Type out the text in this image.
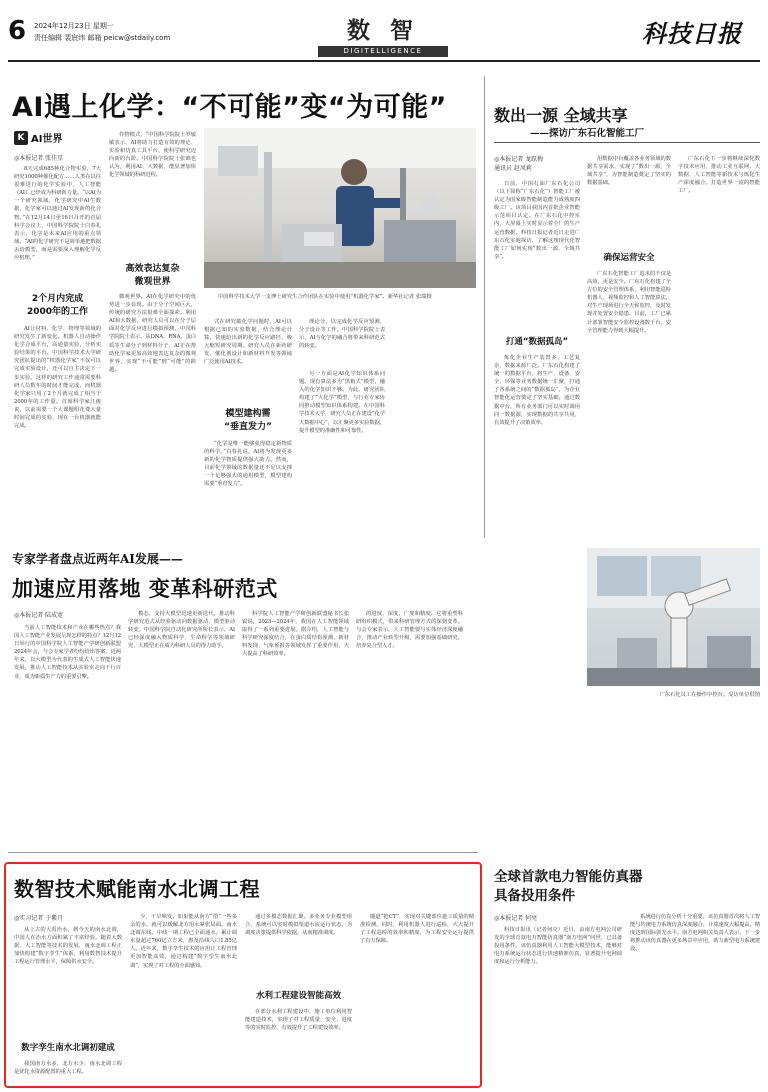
6 2024年12月23日 星期一
责任编辑 裴宸纬 邮箱 peicw@stdaily.com	数 智
DIGITELLIGENCE
科技日报
AI遇上化学：“不可能”变“为可能”
K AI世界
◎本报记者 张佳星
8天完成685种化合物实验，7天研究1000种催化配方……人类在以往很难进行的化学实验中，人工智能（AI）已经成为科研新力量。“以AI为一个研究领域，化学研究中AI生数据，化学家可以通过AI发现新的化合物。”在12月14日至16日召开的首届科学会议上，中国科学院院士白春礼表示，化学是未来AI应用的重点领域。“AI的化学研究不是简单地把数据丢给模型，而是需要深入理解化学反应机理。”
2个月内完成
2000年的工作
AI让材料、化学、物理等领域的研究发生了新变化。机器人自动操作化学合成平台，高通量实验，分析实验结果的平台。中国科学技术大学研究团队提出的“机器化学家”不仅可以完成实验设计，还可以自主决定下一步实验。这样的研究工作通常需要科研人员数年的时间才能完成，而机器化学家只用了2个月就完成了相当于2000年的工作量。首席科学家江俊说，以前需要一个大课题组花费大量时间完成的实验，现在一台机器就能完成。
作物模式，“中国科学院院士罗敏敏表示，AI将助力打造有效的理论、实验和仿真工具平台，使科学研究迈向新的台阶。中国科学院院士张锦也认为，利用AI、大数据，能显著加快化学领域的科研进程。
高效表达复杂
微观世界
微观世界，AI在化学研究中的优势进一步显现。由于分子空间巨大，传统的研究方法很难全面探索。利用AI和大数据，研究人员可以在分子层面对化学反应进行模拟预测。中国科学院院士表示，从DNA、RNA、蛋白质等生命分子到材料分子，AI正在帮助化学家更加高效地表达复杂的微观世界，实现“不可能”到“可能”的跨越。
中国科学技术大学一支博士研究生合作团队在实验中使用“机器化学家”。新华社记者 张端摄
式在研究碳化学问题时，AI可以根据已知的实验数据，结合理论计算，快速给出新的化学反应路径，极大缩短研究周期。研究人员在新药研发、催化剂设计和新材料开发等领域广泛使用AI技术。
模型建构需
“垂直发力”
“化学是唯一能够获得稳定新物质的科学。”白春礼说。AI将为发现更多新的化学物质提供强大助力。然而，目前化学领域的数据量还不足以支撑一个足够强大的通用模型，模型建构需要“垂直发力”。
理论分，以完成化学反应预测、分子设计等工作。中国科学院院士表示，AI与化学的融合将带来科研范式的转变。
另一方面是AI化学知识体系问题。现有算法多为“黑箱式”模型，融入的化学知识不够。为此，研究团队构建了“大化学”模型，与行业专家协同推动模型知识体系构建。在中国科学技术大学，研究人员正在建设“化学大数据中心”，以汇聚更多实验数据，提升模型的准确性和可靠性。
数出一源 全域共享
——探访广东石化智能工厂
◎本报记者 龙跃梅
通讯员 赵凤莉
日前，中国石油广东石化公司（以下简称“广东石化”）智能工厂被认定为国家级智能制造能力成熟度四级工厂。该项目获国内首批企业智能示范项目认定。在广东石化中控室内，大屏幕上实时显示着全厂的生产运营数据。科技日报记者近日走进广东石化实地探访，了解这座现代化智能工厂如何实现“数出一源、全域共享”。
打通“数据孤岛”
炼化企业生产装置多、工艺复杂，数据来源广泛。广东石化构建了统一的数据平台，将生产、设备、安全、环保等业务数据统一汇聚，打通了各系统之间的“数据孤岛”，为企业智能化运营奠定了坚实基础。通过数据中台，所有业务部门可以实时调用同一数据源，实现数据的共享共用，有效提升了决策效率。
用数据中台覆盖各业务领域的数据共享需求，实现了“数出一源，全域共享”，为智能制造奠定了坚实的数据基础。
确保运营安全
广东石化智能工厂追求的不仅是高效，更是安全。广东石化构建了全方位的安全管理体系，利用智能巡检机器人、视频监控和人工智能算法，对生产现场进行全天候监控，及时发现并处置安全隐患。目前，工厂已累计部署智能安全监控设备数千台，安全管理能力得到大幅提升。
广东石化下一步将继续深化数字技术应用，推动工业互联网、大数据、人工智能等新技术与炼化生产深度融合，打造世界一流的智能工厂。
广东石化员工在操作中控台。受访单位供图
专家学者盘点近两年AI发展——
加速应用落地 变革科研范式
◎本报记者 陆成宽
当前人工智能技术和产业在哪些热点？我国人工智能产业发展呈现怎样的特点？12月12日举行的中国科学院人工智能产学研创新联盟2024年会，与会专家学者纷纷给出答案。近两年来，以大模型为代表的生成式人工智能快速发展，推动人工智能技术从实验室走向千行百业，成为新质生产力的重要引擎。
模态、支持大模型迅速更新迭代，推动科学研究范式从经验驱动向数据驱动、模型驱动转变。中国科学院自动化研究所所长表示，AI已经深度融入物质科学、生命科学等领域研究，大模型正在成为科研人员的得力助手。
科学院人工智能产学研创新联盟秘书长张钹说，2023—2024年，我国在人工智能领域取得了一系列重要进展。据介绍，人工智能与科学研究深度结合，在蛋白质结构预测、新材料发现、气象预报等领域发挥了重要作用，大大提高了科研效率。
的进度、深度、广度和精度。它将重塑科研组织模式，带来科研管理方式的深刻变革。与会专家表示，人工智能要与实体经济深度融合，推动产业转型升级，需要加强基础研究，培养复合型人才。
数智技术赋能南水北调工程
◎实习记者 于紫月
从上古的大禹治水，到今天的南水北调，中国人在治水方面积累了丰富经验。随着大数据、人工智能等技术的发展，南水北调工程正加快构建“数字孪生”体系，利用数智技术提升工程运行管理水平，保障供水安全。
数字孪生南水北调初建成
我国南方水多，北方水少，南水北调工程是优化水资源配置的重大工程。
少，干旱频发。如果能从南方“借”一些多余的水，就可以缓解北方用水紧张局面。南水北调东线、中线一期工程已全面通水，累计调水量超过760亿立方米，惠及沿线人口1.85亿人。近年来，数字孪生技术的应用让工程管理更加智能高效，通过构建“数字孪生南水北调”，实现了对工程的全面感知。
通过多模态数据汇聚，多业务专业模型组合，系统可以实时模拟渠道水流运行状态，为调度决策提供科学依据，从而精准调度。
水利工程建设智能高效
在部分水利工程建设中，施工单位利用智能建造技术，实现了对工程质量、安全、进度等的实时监控，有效提升了工程建设效率。
隧道“抢CT”，实现对关键部位施工质量的精准检测。同时，利用机器人进行巡检，大大提升了工程巡检的效率和精度，为工程安全运行提供了有力保障。
全球首款电力智能仿真器
具备投用条件
◎本报记者 何亮
科技日报讯（记者何亮）近日，由南方电网公司研发的全球首款电力智能仿真器“南方电网”问世，已具备投用条件。该仿真器利用人工智能大模型技术，能够对电力系统运行状态进行快速精准仿真，显著提升电网调度和运行分析能力。
系统进行仿真分析十分重要。该仿真器首次将人工智能与传统电力系统仿真深度融合，计算速度大幅提高，精度达到国际领先水平。南方电网相关负责人表示，下一步将推动该仿真器在更多场景中应用，助力新型电力系统建设。
